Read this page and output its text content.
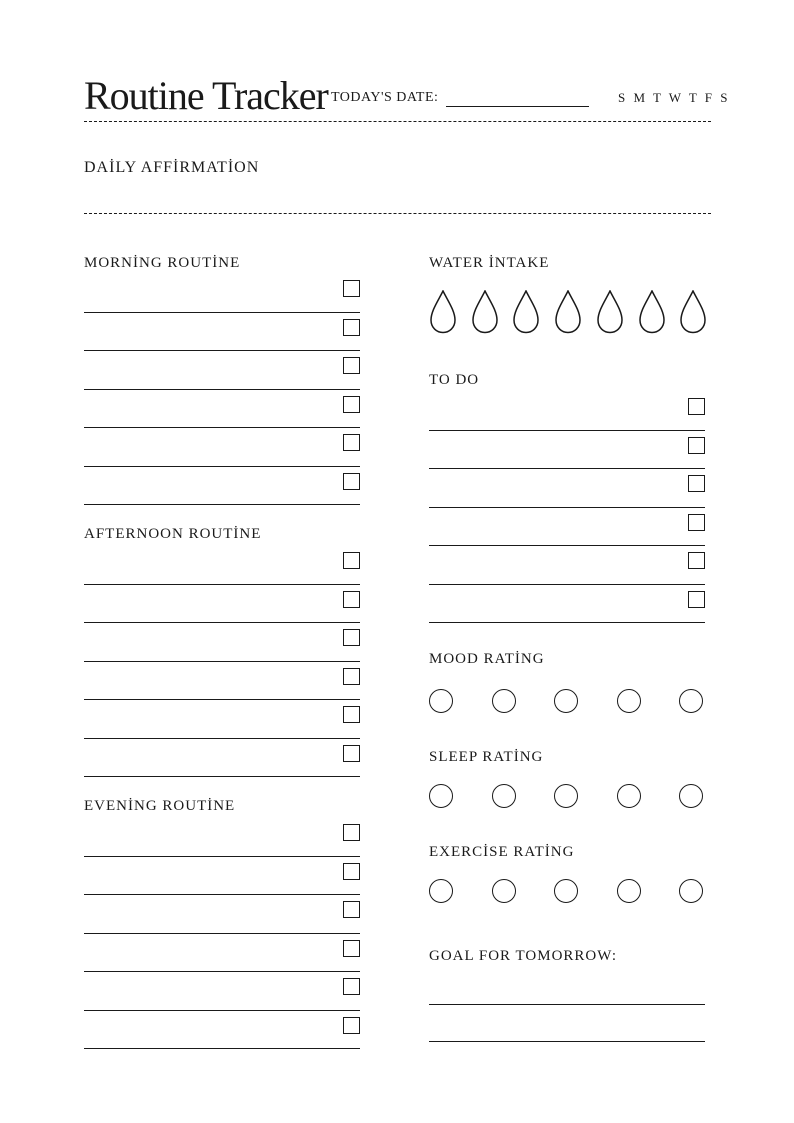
Routine Tracker TODAY'S DATE:	S M T W T F S
DAİLY AFFİRMATİON
MORNİNG ROUTİNE
AFTERNOON ROUTİNE
EVENİNG ROUTİNE
WATER İNTAKE
TO DO
MOOD RATİNG
SLEEP RATİNG
EXERCİSE RATİNG
GOAL FOR TOMORROW:
